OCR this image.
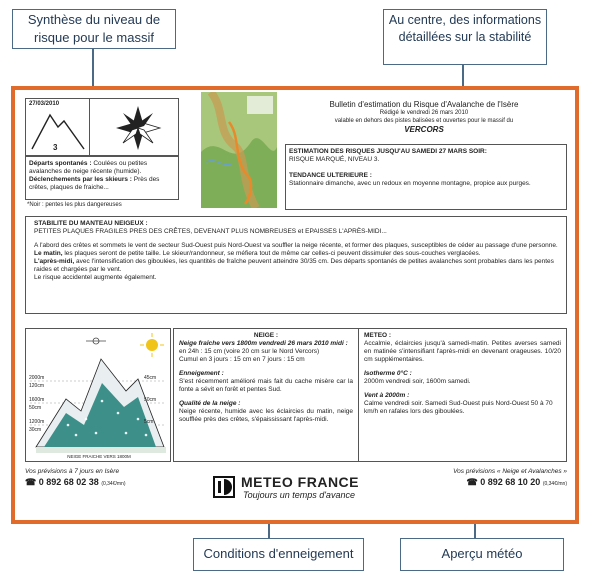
Synthèse du niveau de risque pour le massif
Au centre, des informations détaillées sur la stabilité
Conditions d'enneigement	Aperçu météo
27/03/2010
3
Départs spontanés : Coulées ou petites avalanches de neige récente (humide).
Déclenchements par les skieurs : Près des crêtes, plaques de fraiche...
*Noir : pentes les plus dangereuses
Bulletin d'estimation du Risque d'Avalanche de l'Isère
Rédigé le vendredi 26 mars 2010
valable en dehors des pistes balisées et ouvertes pour le massif du
VERCORS
ESTIMATION DES RISQUES JUSQU'AU SAMEDI 27 MARS SOIR:
RISQUE MARQUÉ, NIVEAU 3.
TENDANCE ULTERIEURE :
Stationnaire dimanche, avec un redoux en moyenne montagne, propice aux purges.
STABILITE DU MANTEAU NEIGEUX :
PETITES PLAQUES FRAGILES PRES DES CRÊTES, DEVENANT PLUS NOMBREUSES et EPAISSES L'APRÈS-MIDI...
A l'abord des crêtes et sommets le vent de secteur Sud-Ouest puis Nord-Ouest va souffler la neige récente, et former des plaques, susceptibles de céder au passage d'une personne.
Le matin, les plaques seront de petite taille. Le skieur/randonneur, se méfiera tout de même car celles-ci peuvent dissimuler des sous-couches verglacées.
L'après-midi, avec l'intensification des giboulées, les quantités de fraîche peuvent atteindre 30/35 cm. Des départs spontanés de petites avalanches sont probables dans les pentes raides et chargées par le vent.
Le risque accidentel augmente également.
2000m
1600m
1200m
120cm
50cm
30cm
45cm
50cm
5cm
NEIGE FRAICHE VERS 1800M
NEIGE :
Neige fraîche vers 1800m vendredi 26 mars 2010 midi :
en 24h : 15 cm (voire 20 cm sur le Nord Vercors)
Cumul en 3 jours : 15 cm en 7 jours : 15 cm
Enneigement :
S'est récemment amélioré mais fait du cache misère car la fonte a sévit en forêt et pentes Sud.
Qualité de la neige :
Neige récente, humide avec les éclaircies du matin, neige soufflée près des crêtes, s'épaississant l'après-midi.
METEO :
Accalmie, éclaircies jusqu'à samedi-matin. Petites averses samedi en matinée s'intensifiant l'après-midi en devenant orageuses. 10/20 cm supplémentaires.
Isotherme 0°C :
2000m vendredi soir, 1600m samedi.
Vent à 2000m :
Calme vendredi soir. Samedi Sud-Ouest puis Nord-Ouest 50 à 70 km/h en rafales lors des giboulées.
Vos prévisions à 7 jours en Isère
☎ 0 892 68 02 38 (0,34€/mn)	METEO FRANCE
Toujours un temps d'avance
Vos prévisions « Neige et Avalanches »
☎ 0 892 68 10 20 (0,34€/mn)
